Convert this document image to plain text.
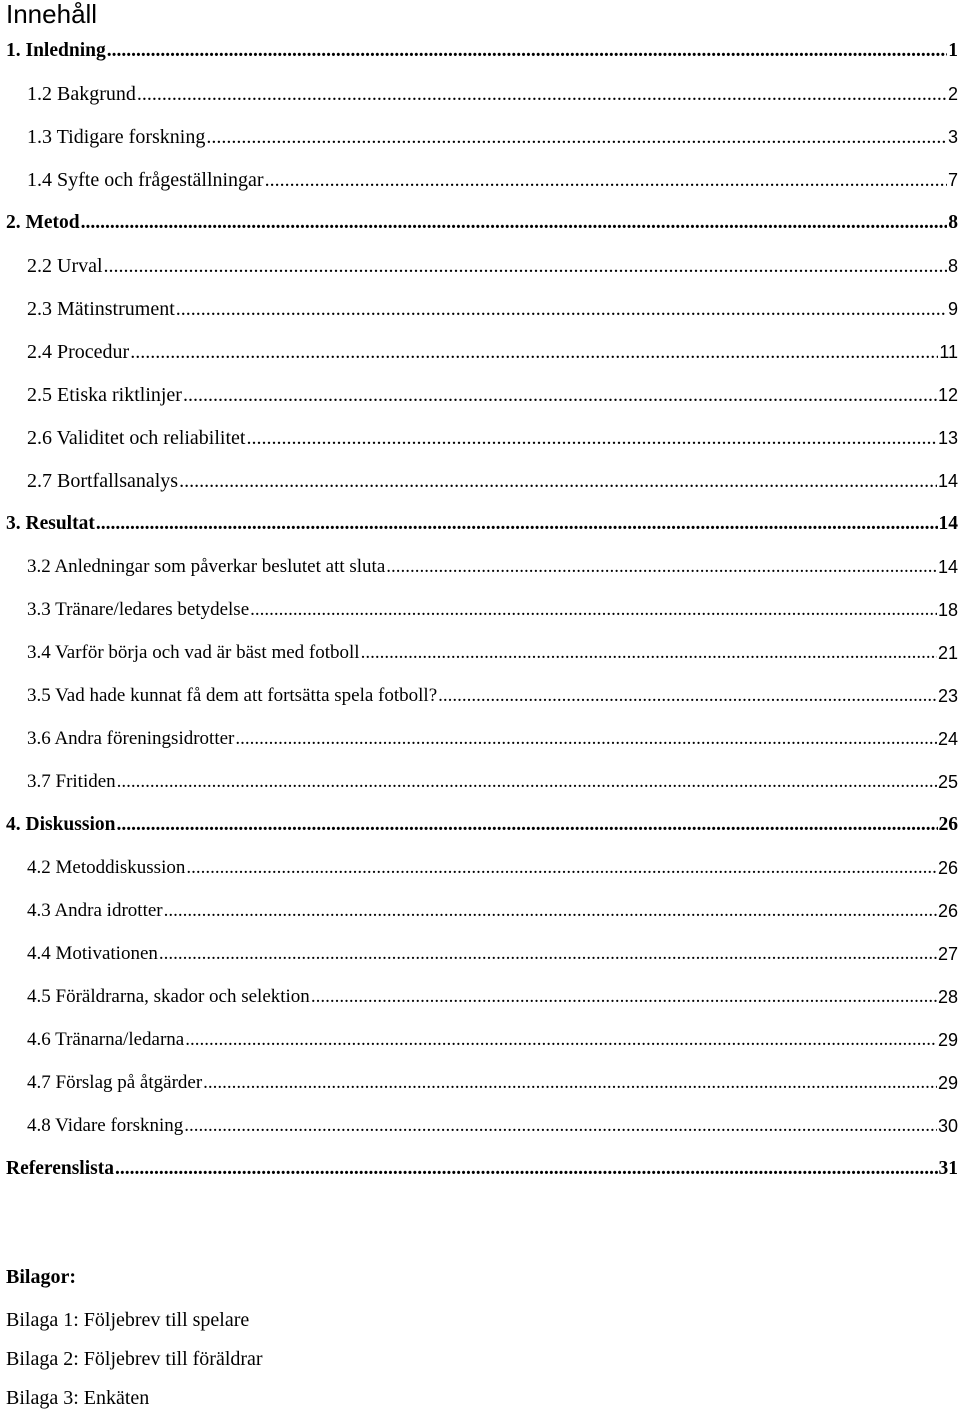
Innehåll
1. Inledning .....	1
1.2 Bakgrund .....	2
1.3 Tidigare forskning .....	3
1.4 Syfte och frågeställningar .....	7
2. Metod .....	8
2.2 Urval .....	8
2.3 Mätinstrument .....	9
2.4 Procedur .....	11
2.5 Etiska riktlinjer .....	12
2.6 Validitet och reliabilitet .....	13
2.7 Bortfallsanalys .....	14
3. Resultat .....	14
3.2 Anledningar som påverkar beslutet att sluta .....	14
3.3 Tränare/ledares betydelse .....	18
3.4 Varför börja och vad är bäst med fotboll .....	21
3.5 Vad hade kunnat få dem att fortsätta spela fotboll? .....	23
3.6 Andra föreningsidrotter .....	24
3.7 Fritiden .....	25
4. Diskussion .....	26
4.2 Metoddiskussion .....	26
4.3 Andra idrotter .....	26
4.4 Motivationen .....	27
4.5 Föräldrarna, skador och selektion .....	28
4.6 Tränarna/ledarna .....	29
4.7 Förslag på åtgärder .....	29
4.8 Vidare forskning .....	30
Referenslista .....	31

Bilagor:

Bilaga 1: Följebrev till spelare
Bilaga 2: Följebrev till föräldrar
Bilaga 3: Enkäten
